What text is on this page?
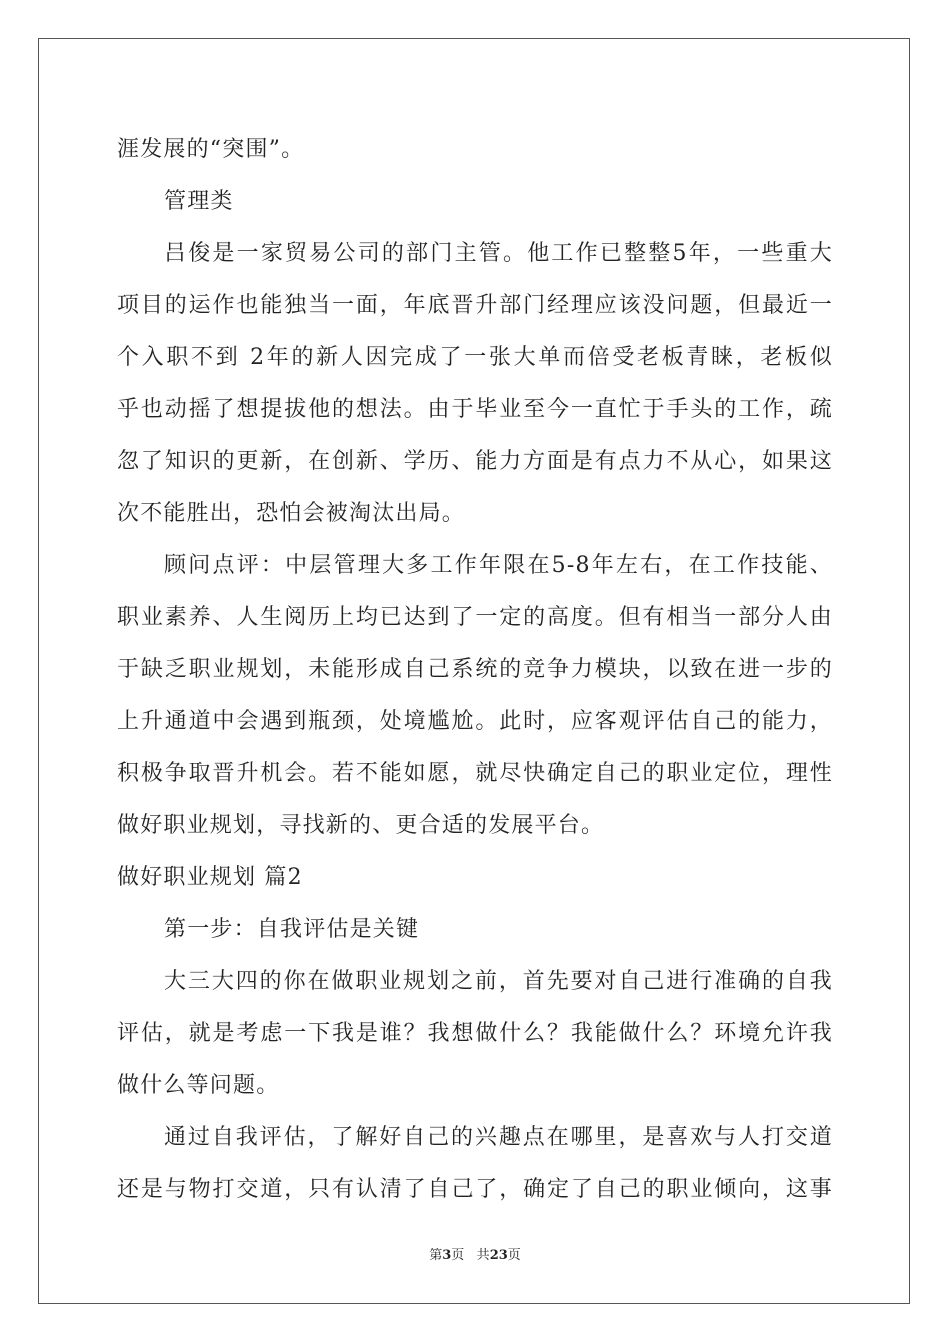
涯发展的“突围”。
管理类
吕俊是一家贸易公司的部门主管。他工作已整整5年，一些重大
项目的运作也能独当一面，年底晋升部门经理应该没问题，但最近一
个入职不到 2年的新人因完成了一张大单而倍受老板青睐，老板似
乎也动摇了想提拔他的想法。由于毕业至今一直忙于手头的工作，疏
忽了知识的更新，在创新、学历、能力方面是有点力不从心，如果这
次不能胜出，恐怕会被淘汰出局。
顾问点评：中层管理大多工作年限在5-8年左右，在工作技能、
职业素养、人生阅历上均已达到了一定的高度。但有相当一部分人由
于缺乏职业规划，未能形成自己系统的竞争力模块，以致在进一步的
上升通道中会遇到瓶颈，处境尴尬。此时，应客观评估自己的能力，
积极争取晋升机会。若不能如愿，就尽快确定自己的职业定位，理性
做好职业规划，寻找新的、更合适的发展平台。
做好职业规划 篇2
第一步：自我评估是关键
大三大四的你在做职业规划之前，首先要对自己进行准确的自我
评估，就是考虑一下我是谁？我想做什么？我能做什么？环境允许我
做什么等问题。
通过自我评估，了解好自己的兴趣点在哪里，是喜欢与人打交道
还是与物打交道，只有认清了自己了，确定了自己的职业倾向，这事
第3页 共23页
